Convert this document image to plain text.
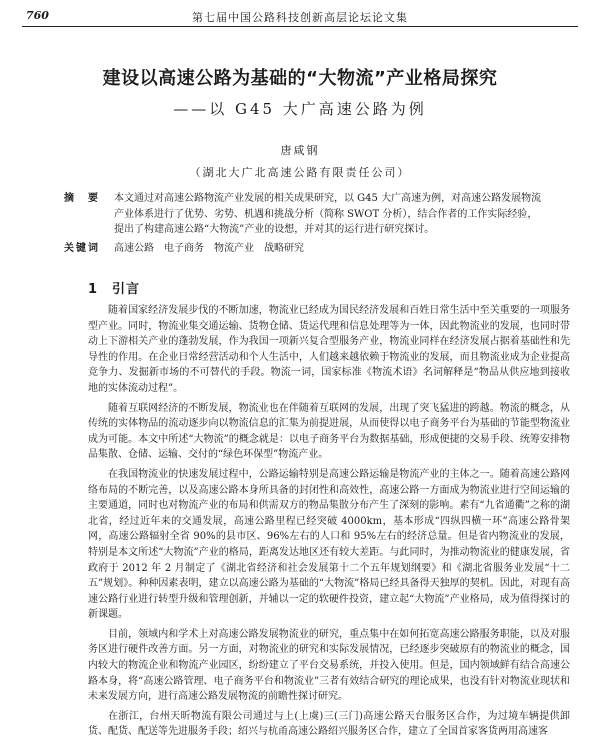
760	第七届中国公路科技创新高层论坛论文集
建设以高速公路为基础的“大物流”产业格局探究
——以 G45 大广高速公路为例
唐咸钢
（湖北大广北高速公路有限责任公司）
摘　要 本文通过对高速公路物流产业发展的相关成果研究，以 G45 大广高速为例，对高速公路发展物流产业体系进行了优势、劣势、机遇和挑战分析（简称 SWOT 分析），结合作者的工作实际经验，提出了构建高速公路“大物流”产业的设想，并对其的运行进行研究探讨。
关键词 高速公路　电子商务　物流产业　战略研究
1　引言

随着国家经济发展步伐的不断加速，物流业已经成为国民经济发展和百姓日常生活中至关重要的一项服务型产业。同时，物流业集交通运输、货物仓储、货运代理和信息处理等为一体，因此物流业的发展，也同时带动上下游相关产业的蓬勃发展，作为我国一项新兴复合型服务产业，物流业同样在经济发展占据着基础性和先导性的作用。在企业日常经营活动和个人生活中，人们越来越依赖于物流业的发展，而且物流业成为企业提高竞争力、发掘新市场的不可替代的手段。物流一词，国家标准《物流术语》名词解释是“物品从供应地到接收地的实体流动过程”。

随着互联网经济的不断发展，物流业也在伴随着互联网的发展，出现了突飞猛进的跨越。物流的概念，从传统的实体物品的流动逐步向以物流信息的汇集为前提进展，从而使得以电子商务平台为基础的节能型物流业成为可能。本文中所述“大物流”的概念就是：以电子商务平台为数据基础，形成便捷的交易手段、统筹安排物品集散、仓储、运输、交付的“绿色环保型”物流产业。

在我国物流业的快速发展过程中，公路运输特别是高速公路运输是物流产业的主体之一。随着高速公路网络布局的不断完善，以及高速公路本身所具备的封闭性和高效性，高速公路一方面成为物流业进行空间运输的主要通道，同时也对物流产业的布局和供需双方的物品集散分布产生了深刻的影响。素有“九省通衢”之称的湖北省，经过近年来的交通发展，高速公路里程已经突破 4000km，基本形成“四纵四横一环”高速公路骨架网，高速公路辐射全省 90%的县市区、96%左右的人口和 95%左右的经济总量。但是省内物流业的发展，特别是本文所述“大物流”产业的格局，距离发达地区还有较大差距。与此同时，为推动物流业的健康发展，省政府于 2012 年 2 月制定了《湖北省经济和社会发展第十二个五年规划纲要》和《湖北省服务业发展“十二五”规划》。种种因素表明，建立以高速公路为基础的“大物流”格局已经具备得天独厚的契机。因此，对现有高速公路行业进行转型升级和管理创新，并辅以一定的软硬件投资，建立起“大物流”产业格局，成为值得探讨的新课题。

目前，领域内和学术上对高速公路发展物流业的研究，重点集中在如何拓宽高速公路服务职能，以及对服务区进行硬件改善方面。另一方面，对物流业的研究和实际发展情况，已经逐步突破原有的物流业的概念，国内较大的物流企业和物流产业园区，纷纷建立了平台交易系统，并投入使用。但是，国内领域鲜有结合高速公路本身，将“高速公路管理、电子商务平台和物流业”三者有效结合研究的理论成果，也没有针对物流业现状和未来发展方向，进行高速公路发展物流的前瞻性探讨研究。

在浙江，台州天昕物流有限公司通过与上(上虞)三(三门)高速公路天台服务区合作，为过境车辆提供卸货、配货、配送等先进服务手段；绍兴与杭甬高速公路绍兴服务区合作，建立了全国首家客货两用高速客
